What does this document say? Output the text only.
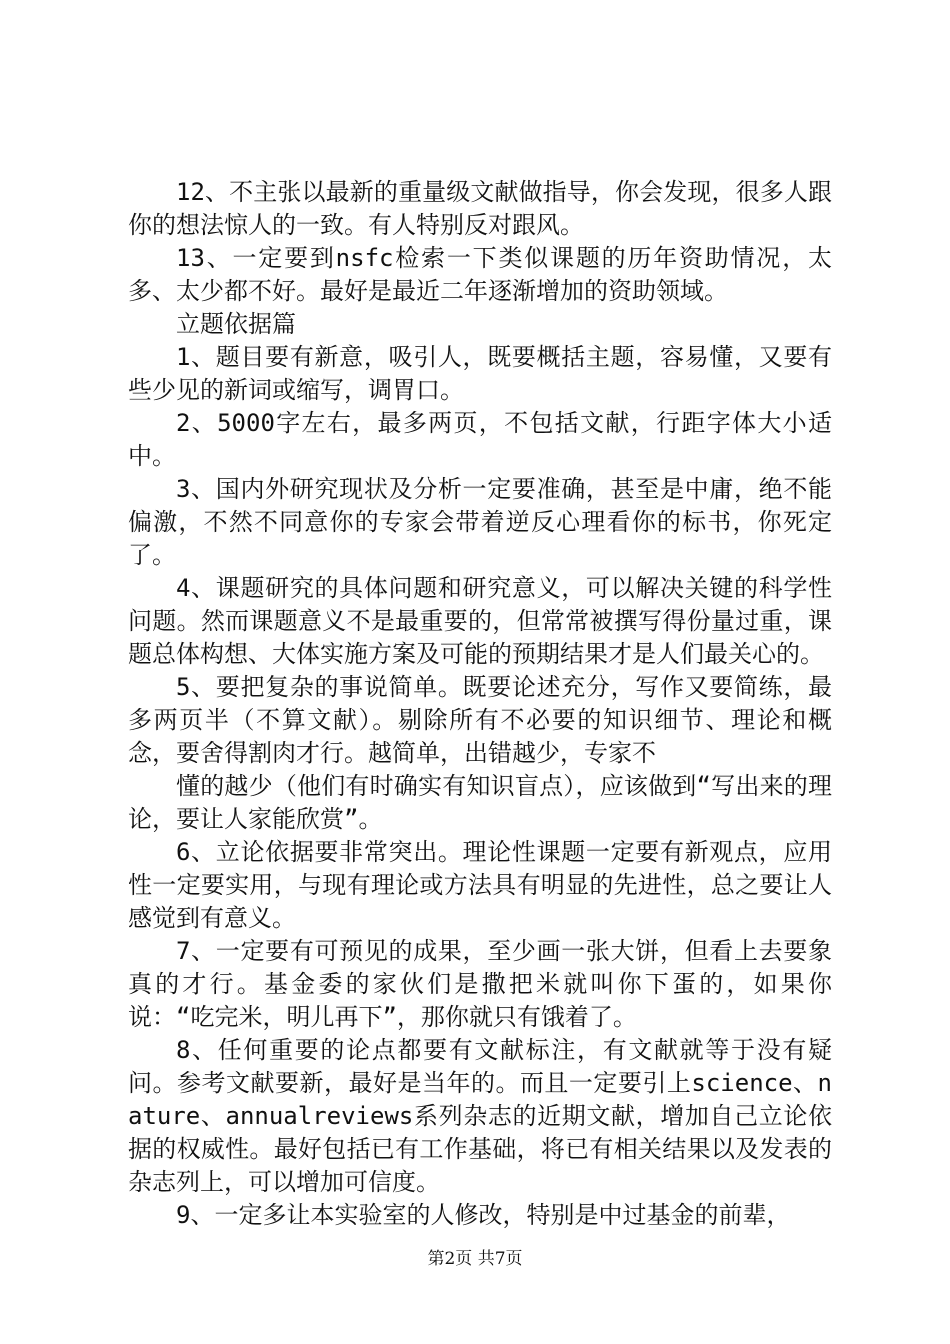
12、不主张以最新的重量级文献做指导，你会发现，很多人跟你的想法惊人的一致。有人特别反对跟风。

13、一定要到nsfc检索一下类似课题的历年资助情况，太多、太少都不好。最好是最近二年逐渐增加的资助领域。

立题依据篇

1、题目要有新意，吸引人，既要概括主题，容易懂，又要有些少见的新词或缩写，调胃口。

2、5000字左右，最多两页，不包括文献，行距字体大小适中。

3、国内外研究现状及分析一定要准确，甚至是中庸，绝不能偏激，不然不同意你的专家会带着逆反心理看你的标书，你死定了。

4、课题研究的具体问题和研究意义，可以解决关键的科学性问题。然而课题意义不是最重要的，但常常被撰写得份量过重，课题总体构想、大体实施方案及可能的预期结果才是人们最关心的。

5、要把复杂的事说简单。既要论述充分，写作又要简练，最多两页半（不算文献）。剔除所有不必要的知识细节、理论和概念，要舍得割肉才行。越简单，出错越少，专家不

懂的越少（他们有时确实有知识盲点），应该做到“写出来的理论，要让人家能欣赏”。

6、立论依据要非常突出。理论性课题一定要有新观点，应用性一定要实用，与现有理论或方法具有明显的先进性，总之要让人感觉到有意义。

7、一定要有可预见的成果，至少画一张大饼，但看上去要象真的才行。基金委的家伙们是撒把米就叫你下蛋的，如果你说：“吃完米，明儿再下”，那你就只有饿着了。

8、任何重要的论点都要有文献标注，有文献就等于没有疑问。参考文献要新，最好是当年的。而且一定要引上science、nature、annualreviews系列杂志的近期文献，增加自己立论依据的权威性。最好包括已有工作基础，将已有相关结果以及发表的杂志列上，可以增加可信度。

9、一定多让本实验室的人修改，特别是中过基金的前辈，

第2页 共7页
